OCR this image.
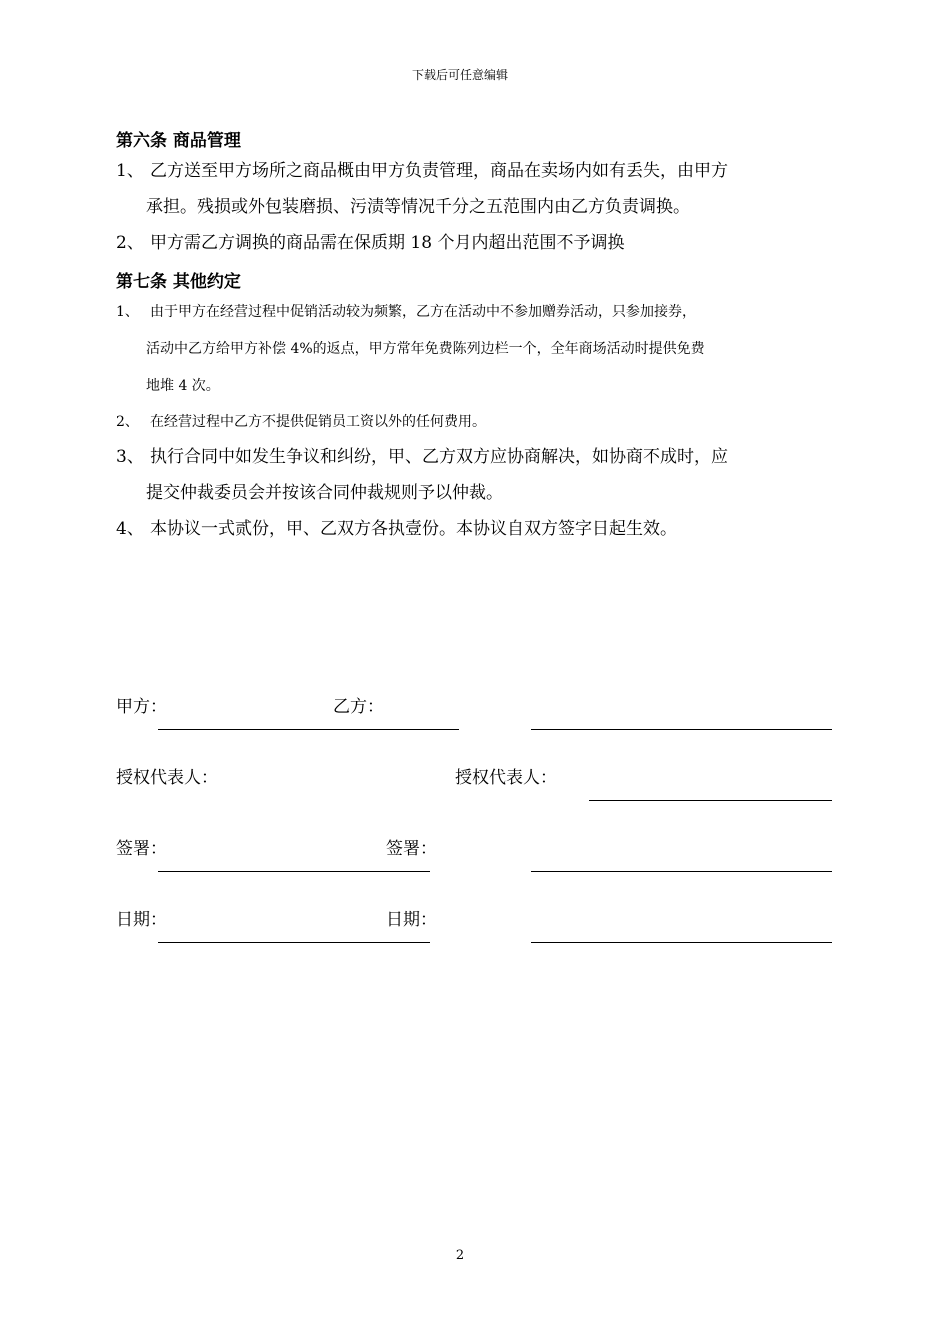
下载后可任意编辑
第六条 商品管理
1、 乙方送至甲方场所之商品概由甲方负责管理，商品在卖场内如有丢失，由甲方
承担。残损或外包装磨损、污渍等情况千分之五范围内由乙方负责调换。
2、 甲方需乙方调换的商品需在保质期 18 个月内超出范围不予调换
第七条 其他约定
1、 由于甲方在经营过程中促销活动较为频繁，乙方在活动中不参加赠券活动，只参加接券，
活动中乙方给甲方补偿 4%的返点，甲方常年免费陈列边栏一个，全年商场活动时提供免费
地堆 4 次。
2、 在经营过程中乙方不提供促销员工资以外的任何费用。
3、 执行合同中如发生争议和纠纷，甲、乙方双方应协商解决，如协商不成时，应
提交仲裁委员会并按该合同仲裁规则予以仲裁。
4、 本协议一式贰份，甲、乙双方各执壹份。本协议自双方签字日起生效。
甲方：	乙方：
授权代表人：	授权代表人：
签署：	签署：
日期：	日期：
2
